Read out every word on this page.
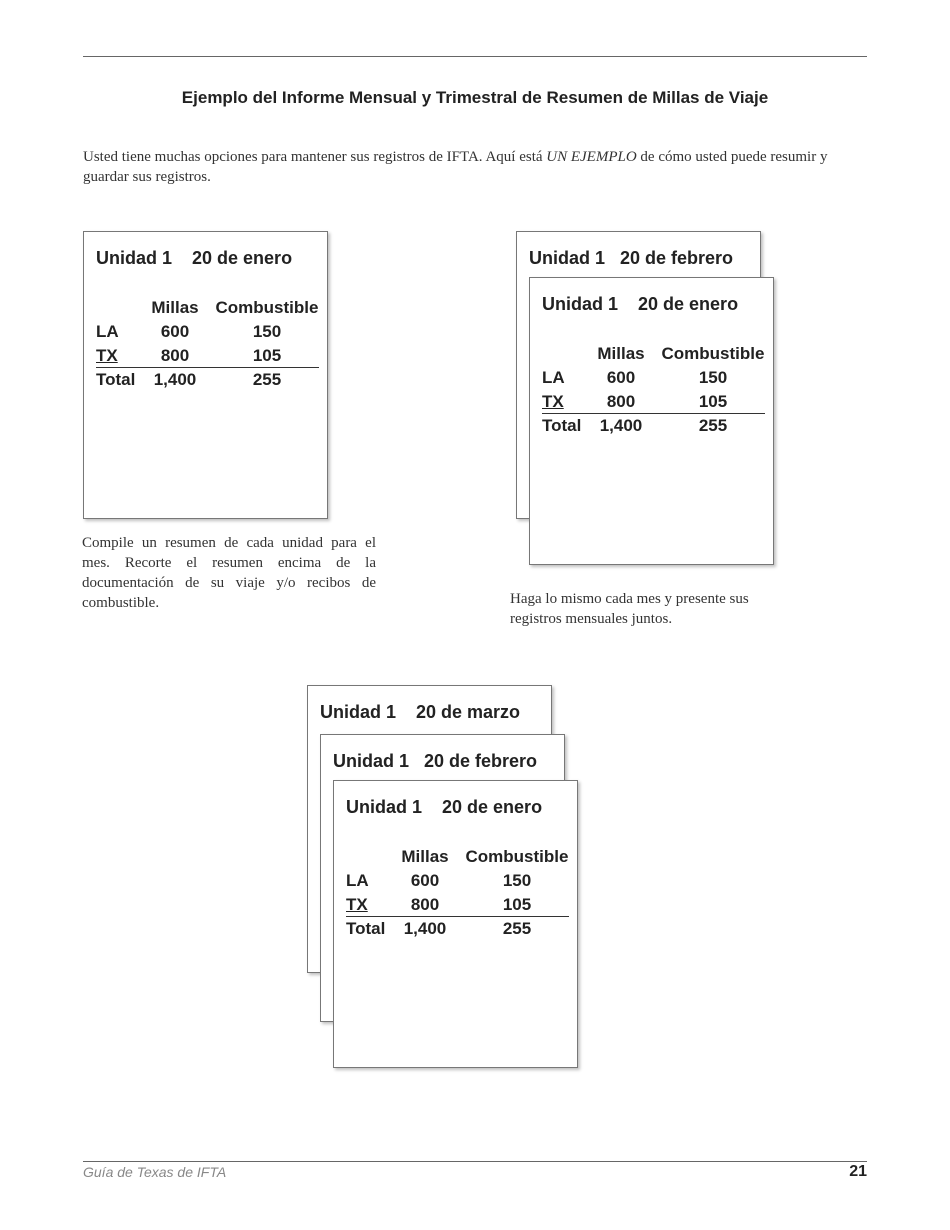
Ejemplo del Informe Mensual y Trimestral de Resumen de Millas de Viaje
Usted tiene muchas opciones para mantener sus registros de IFTA. Aquí está UN EJEMPLO de cómo usted puede resumir y guardar sus registros.
Unidad 1    20 de enero
Millas Combustible
LA	600	150
TX	800	105
Total 1,400	255
Compile un resumen de cada unidad para el mes. Recorte el resumen encima de la documentación de su viaje y/o recibos de combustible.
Unidad 1   20 de febrero
Unidad 1    20 de enero
Millas Combustible
LA	600	150
TX	800	105
Total 1,400	255
Haga lo mismo cada mes y presente sus registros mensuales juntos.
Unidad 1    20 de marzo
Unidad 1   20 de febrero
Unidad 1    20 de enero
Millas Combustible
LA	600	150
TX	800	105
Total 1,400	255
Guía de Texas de IFTA	21
